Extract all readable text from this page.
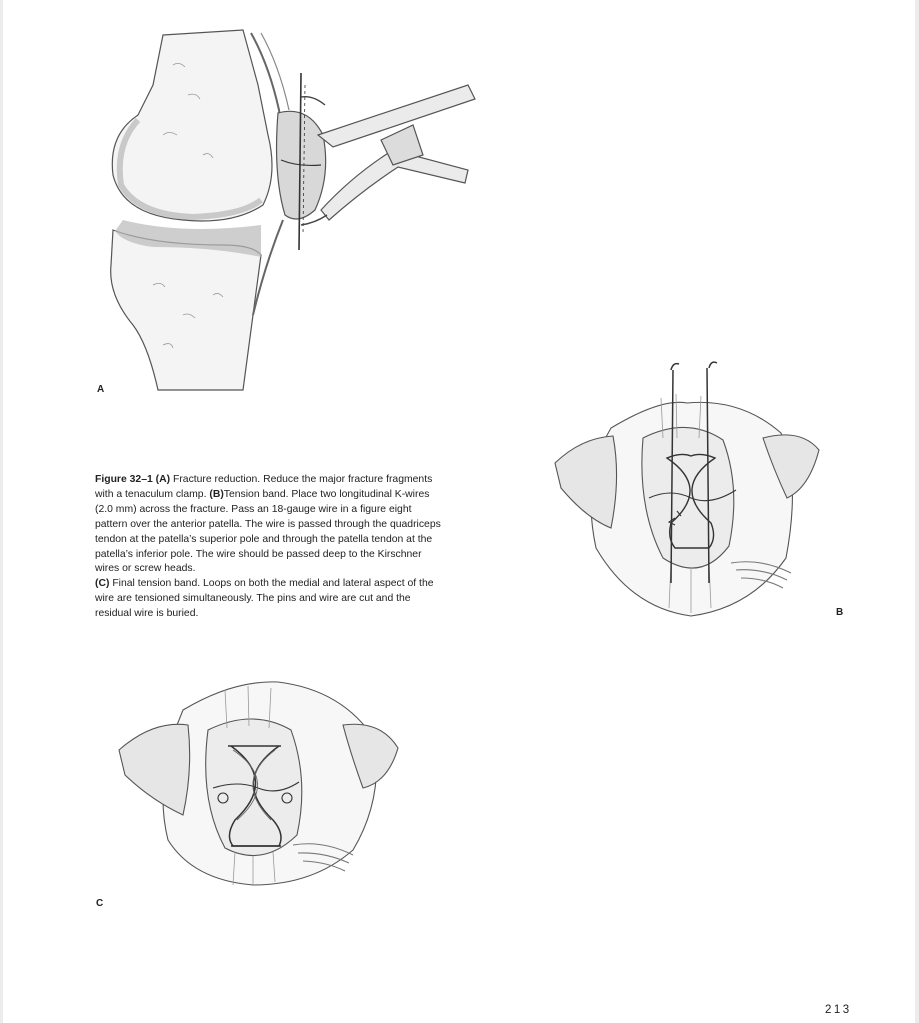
A
B

Figure 32–1 (A) Fracture reduction. Reduce the major fracture fragments with a tenaculum clamp. (B)Tension band. Place two longitudinal K-wires (2.0 mm) across the fracture. Pass an 18-gauge wire in a figure eight pattern over the anterior patella. The wire is passed through the quadriceps tendon at the patella’s superior pole and through the patella tendon at the patella’s inferior pole. The wire should be passed deep to the Kirschner wires or screw heads.

(C) Final tension band. Loops on both the medial and lateral aspect of the wire are tensioned simultaneously. The pins and wire are cut and the residual wire is buried.

C
213
